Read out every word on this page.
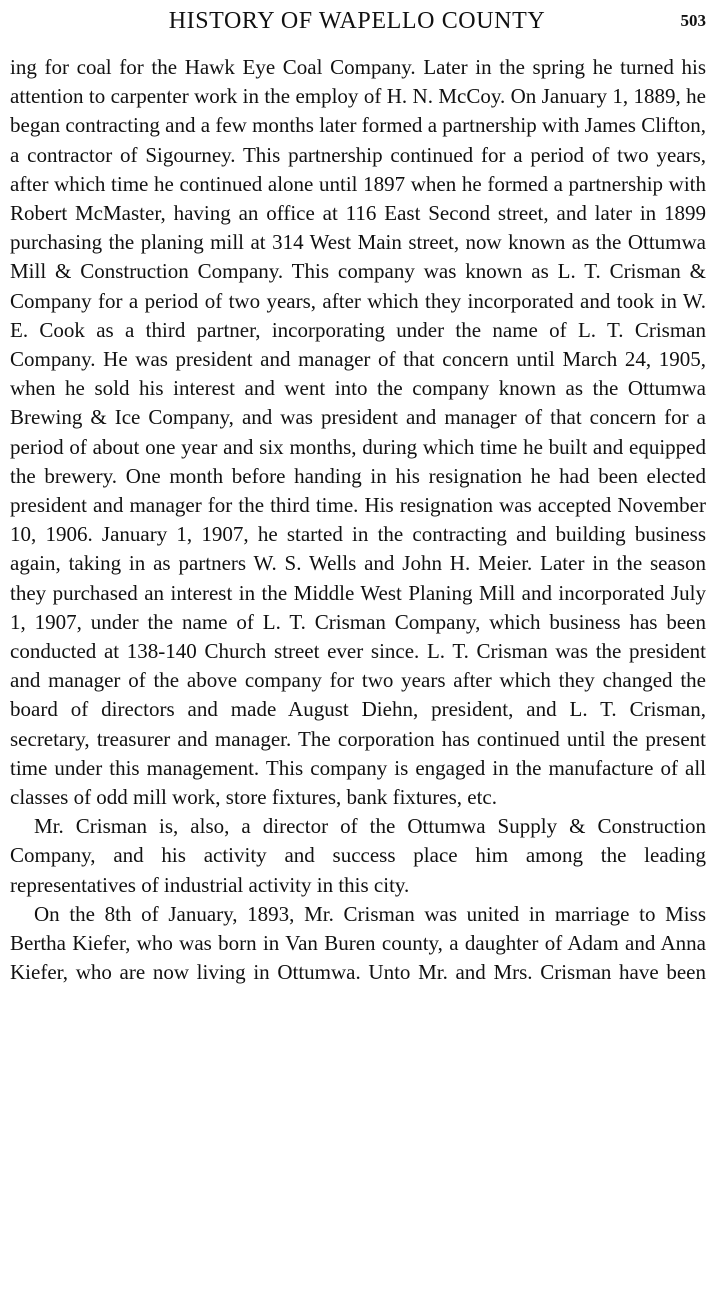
HISTORY OF WAPELLO COUNTY	503

ing for coal for the Hawk Eye Coal Company. Later in the spring he turned his attention to carpenter work in the employ of H. N. McCoy. On January 1, 1889, he began contracting and a few months later formed a partnership with James Clifton, a contractor of Sigourney. This partnership continued for a period of two years, after which time he continued alone until 1897 when he formed a partnership with Robert McMaster, having an office at 116 East Second street, and later in 1899 purchasing the planing mill at 314 West Main street, now known as the Ottumwa Mill & Construction Company. This company was known as L. T. Crisman & Company for a period of two years, after which they incorporated and took in W. E. Cook as a third partner, incorporating under the name of L. T. Crisman Company. He was president and manager of that concern until March 24, 1905, when he sold his interest and went into the company known as the Ottumwa Brewing & Ice Company, and was president and manager of that concern for a period of about one year and six months, during which time he built and equipped the brewery. One month before handing in his resignation he had been elected president and manager for the third time. His resignation was accepted November 10, 1906. January 1, 1907, he started in the contracting and building business again, taking in as partners W. S. Wells and John H. Meier. Later in the season they purchased an interest in the Middle West Planing Mill and incorporated July 1, 1907, under the name of L. T. Crisman Company, which business has been conducted at 138-140 Church street ever since. L. T. Crisman was the president and manager of the above company for two years after which they changed the board of directors and made August Diehn, president, and L. T. Crisman, secretary, treasurer and manager. The corporation has continued until the present time under this management. This company is engaged in the manufacture of all classes of odd mill work, store fixtures, bank fixtures, etc.

Mr. Crisman is, also, a director of the Ottumwa Supply & Construction Company, and his activity and success place him among the leading representatives of industrial activity in this city.

On the 8th of January, 1893, Mr. Crisman was united in marriage to Miss Bertha Kiefer, who was born in Van Buren county, a daughter of Adam and Anna Kiefer, who are now living in Ottumwa. Unto Mr. and Mrs. Crisman have been
